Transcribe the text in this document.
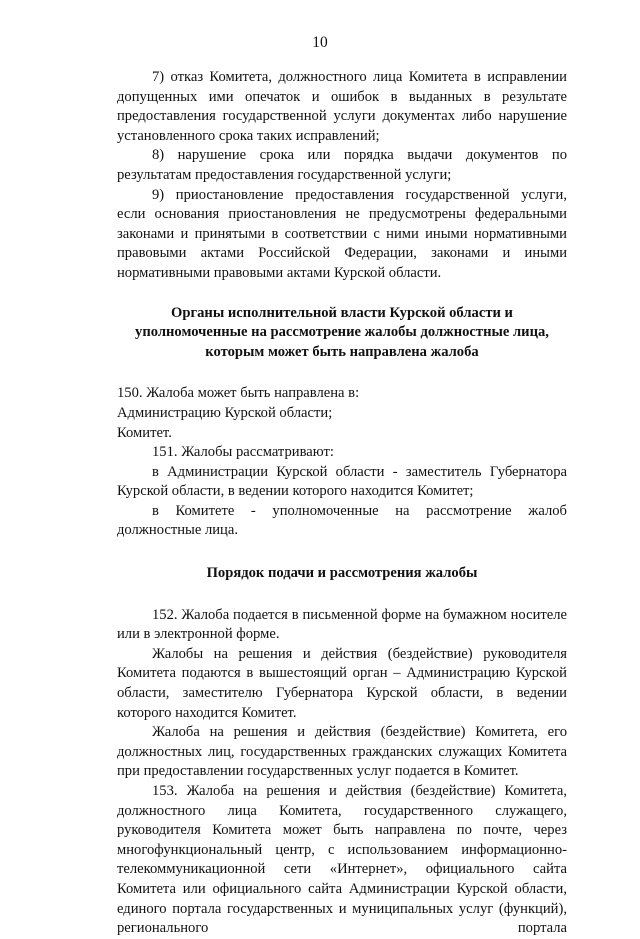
10

7) отказ Комитета, должностного лица Комитета в исправлении допущенных ими опечаток и ошибок в выданных в результате предоставления государственной услуги документах либо нарушение установленного срока таких исправлений;

8) нарушение срока или порядка выдачи документов по результатам предоставления государственной услуги;

9) приостановление предоставления государственной услуги, если основания приостановления не предусмотрены федеральными законами и принятыми в соответствии с ними иными нормативными правовыми актами Российской Федерации, законами и иными нормативными правовыми актами Курской области.

Органы исполнительной власти Курской области и

уполномоченные на рассмотрение жалобы должностные лица,

которым может быть направлена жалоба

150. Жалоба может быть направлена в:

Администрацию Курской области;

Комитет.

151. Жалобы рассматривают:

в Администрации Курской области - заместитель Губернатора Курской области, в ведении которого находится Комитет;

в Комитете - уполномоченные на рассмотрение жалоб должностные лица.

Порядок подачи и рассмотрения жалобы

152. Жалоба подается в письменной форме на бумажном носителе или в электронной форме.

Жалобы на решения и действия (бездействие) руководителя Комитета подаются в вышестоящий орган – Администрацию Курской области, заместителю Губернатора Курской области, в ведении которого находится Комитет.

Жалоба на решения и действия (бездействие) Комитета, его должностных лиц, государственных гражданских служащих Комитета при предоставлении государственных услуг подается в Комитет.

153. Жалоба на решения и действия (бездействие) Комитета, должностного лица Комитета, государственного служащего, руководителя Комитета может быть направлена по почте, через многофункциональный центр, с использованием информационно-телекоммуникационной сети «Интернет», официального сайта Комитета или официального сайта Администрации Курской области, единого портала государственных и муниципальных услуг (функций), регионального портала
